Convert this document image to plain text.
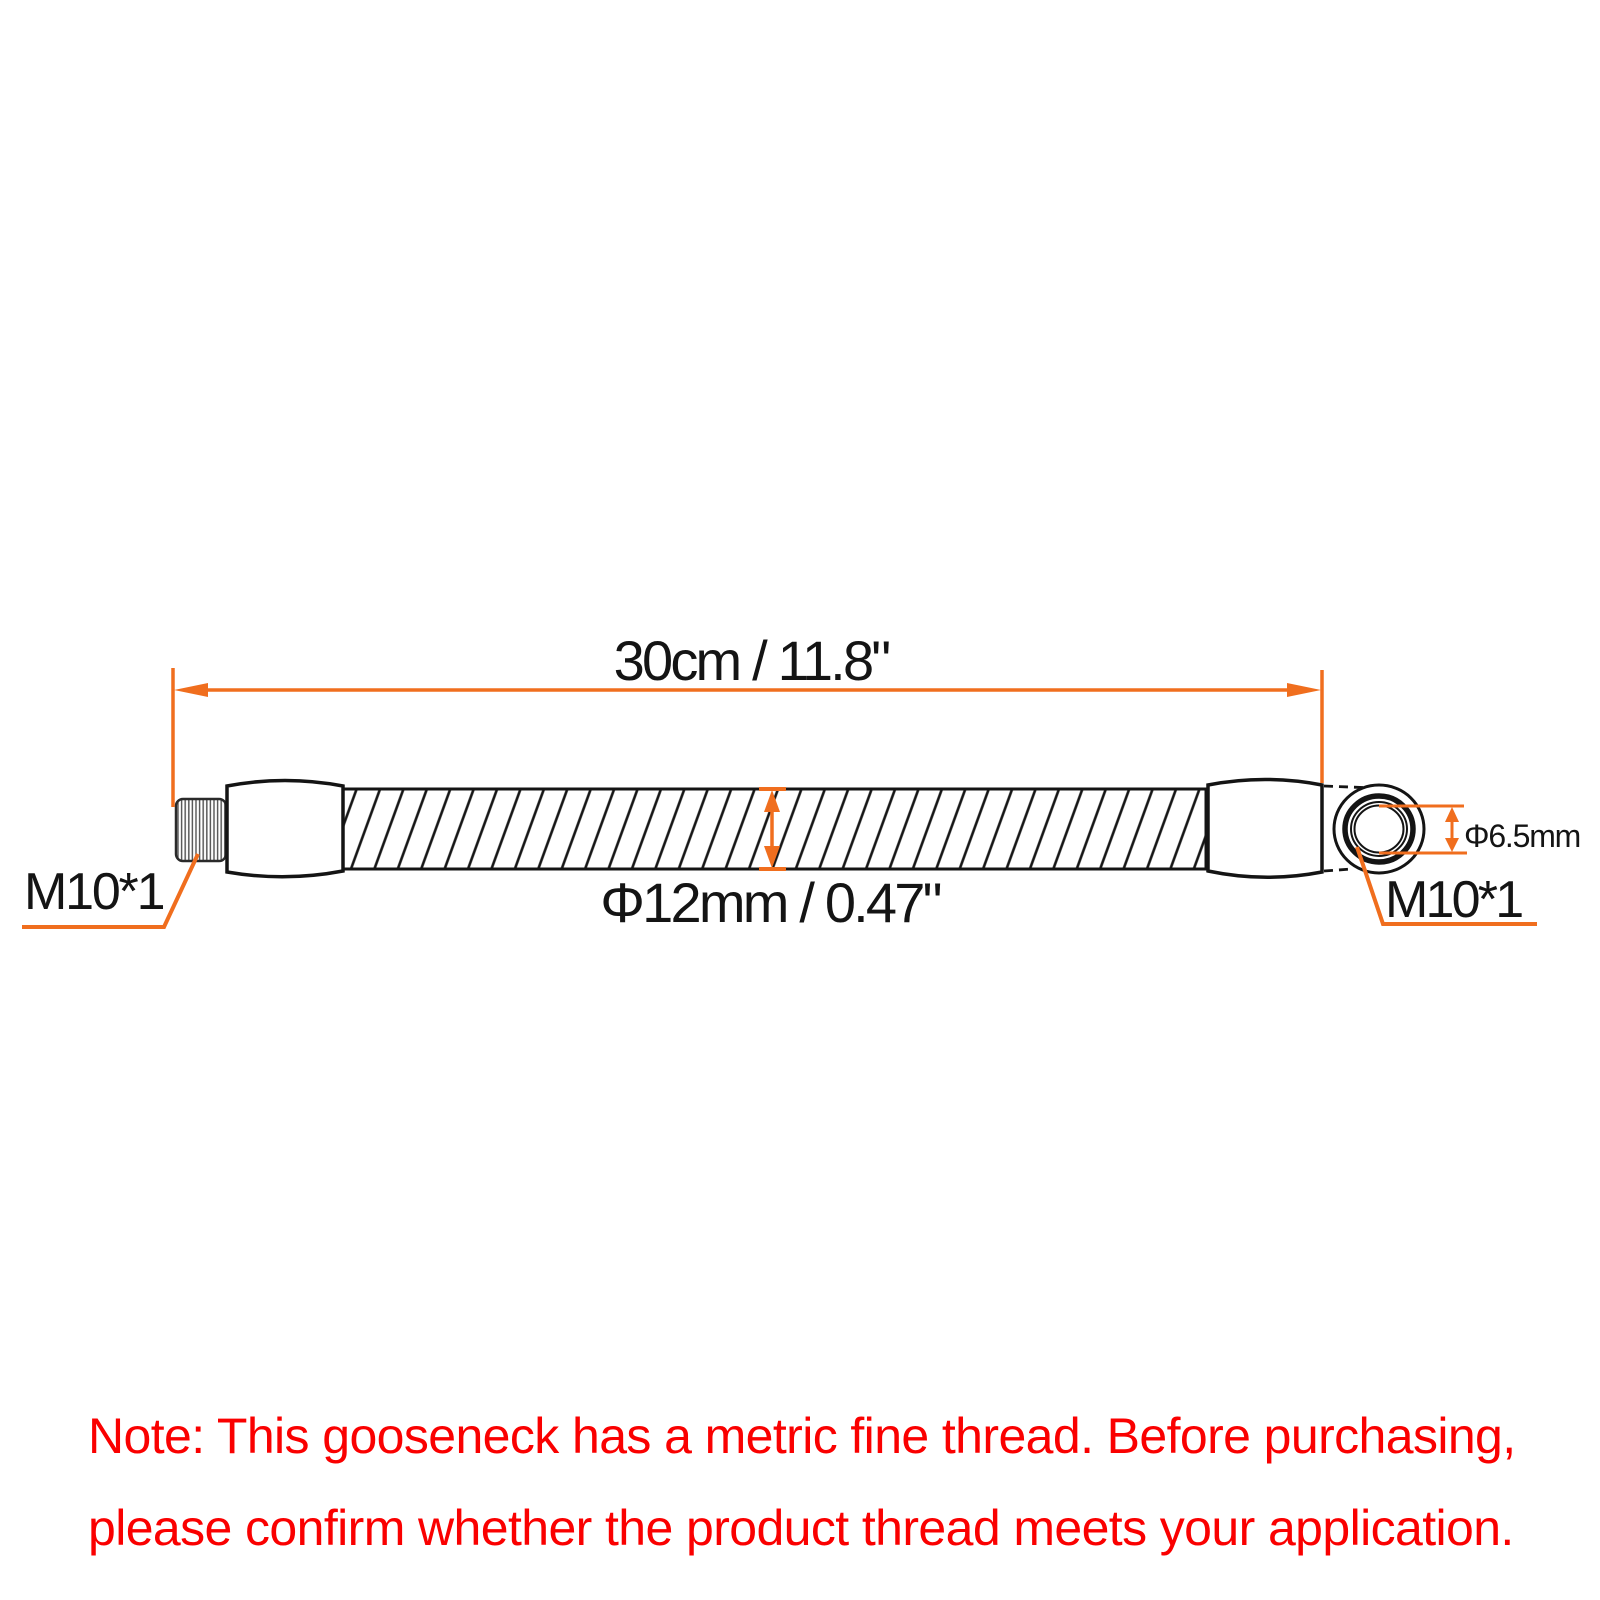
30cm / 11.8"
Φ12mm / 0.47"
M10*1	M10*1
Φ6.5mm
Note: This gooseneck has a metric fine thread. Before purchasing,
please confirm whether the product thread meets your application.
